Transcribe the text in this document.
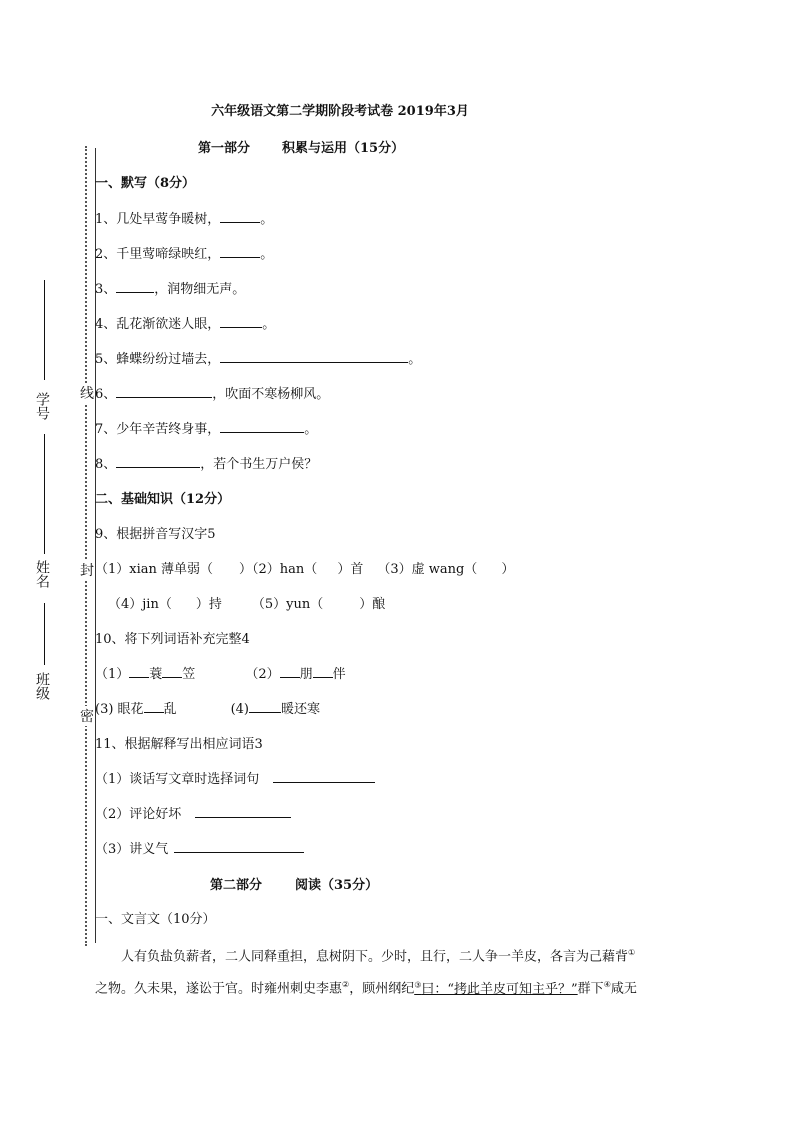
六年级语文第二学期阶段考试卷 2019年3月
第一部分 积累与运用（15分）
线
封
密
学号
姓名
班级
一、默写（8分）
1、几处早莺争暖树，	。
2、千里莺啼绿映红，	。
3、	，润物细无声。
4、乱花渐欲迷人眼，	。
5、蜂蝶纷纷过墙去，	。
6、	，吹面不寒杨柳风。
7、少年辛苦终身事，	。
8、	，若个书生万户侯？
二、基础知识（12分）
9、根据拼音写汉字5
（1）xian 薄单弱（ ）（2）han（ ）首 （3）虚 wang（ ）
（4）jin（ ）持 （5）yun（	）酿
10、将下列词语补充完整4
（1） 蓑 笠	（2） 朋 伴
(3) 眼花 乱	(4) 暖还寒
11、根据解释写出相应词语3
（1）谈话写文章时选择词句
（2）评论好坏
（3）讲义气
第二部分	阅读（35分）
一、文言文（10分）
人有负盐负薪者，二人同释重担，息树阴下。少时，且行，二人争一羊皮，各言为己藉背①
之物。久未果，遂讼于官。时雍州刺史李惠②，顾州纲纪③曰：“拷此羊皮可知主乎？”群下④咸无
